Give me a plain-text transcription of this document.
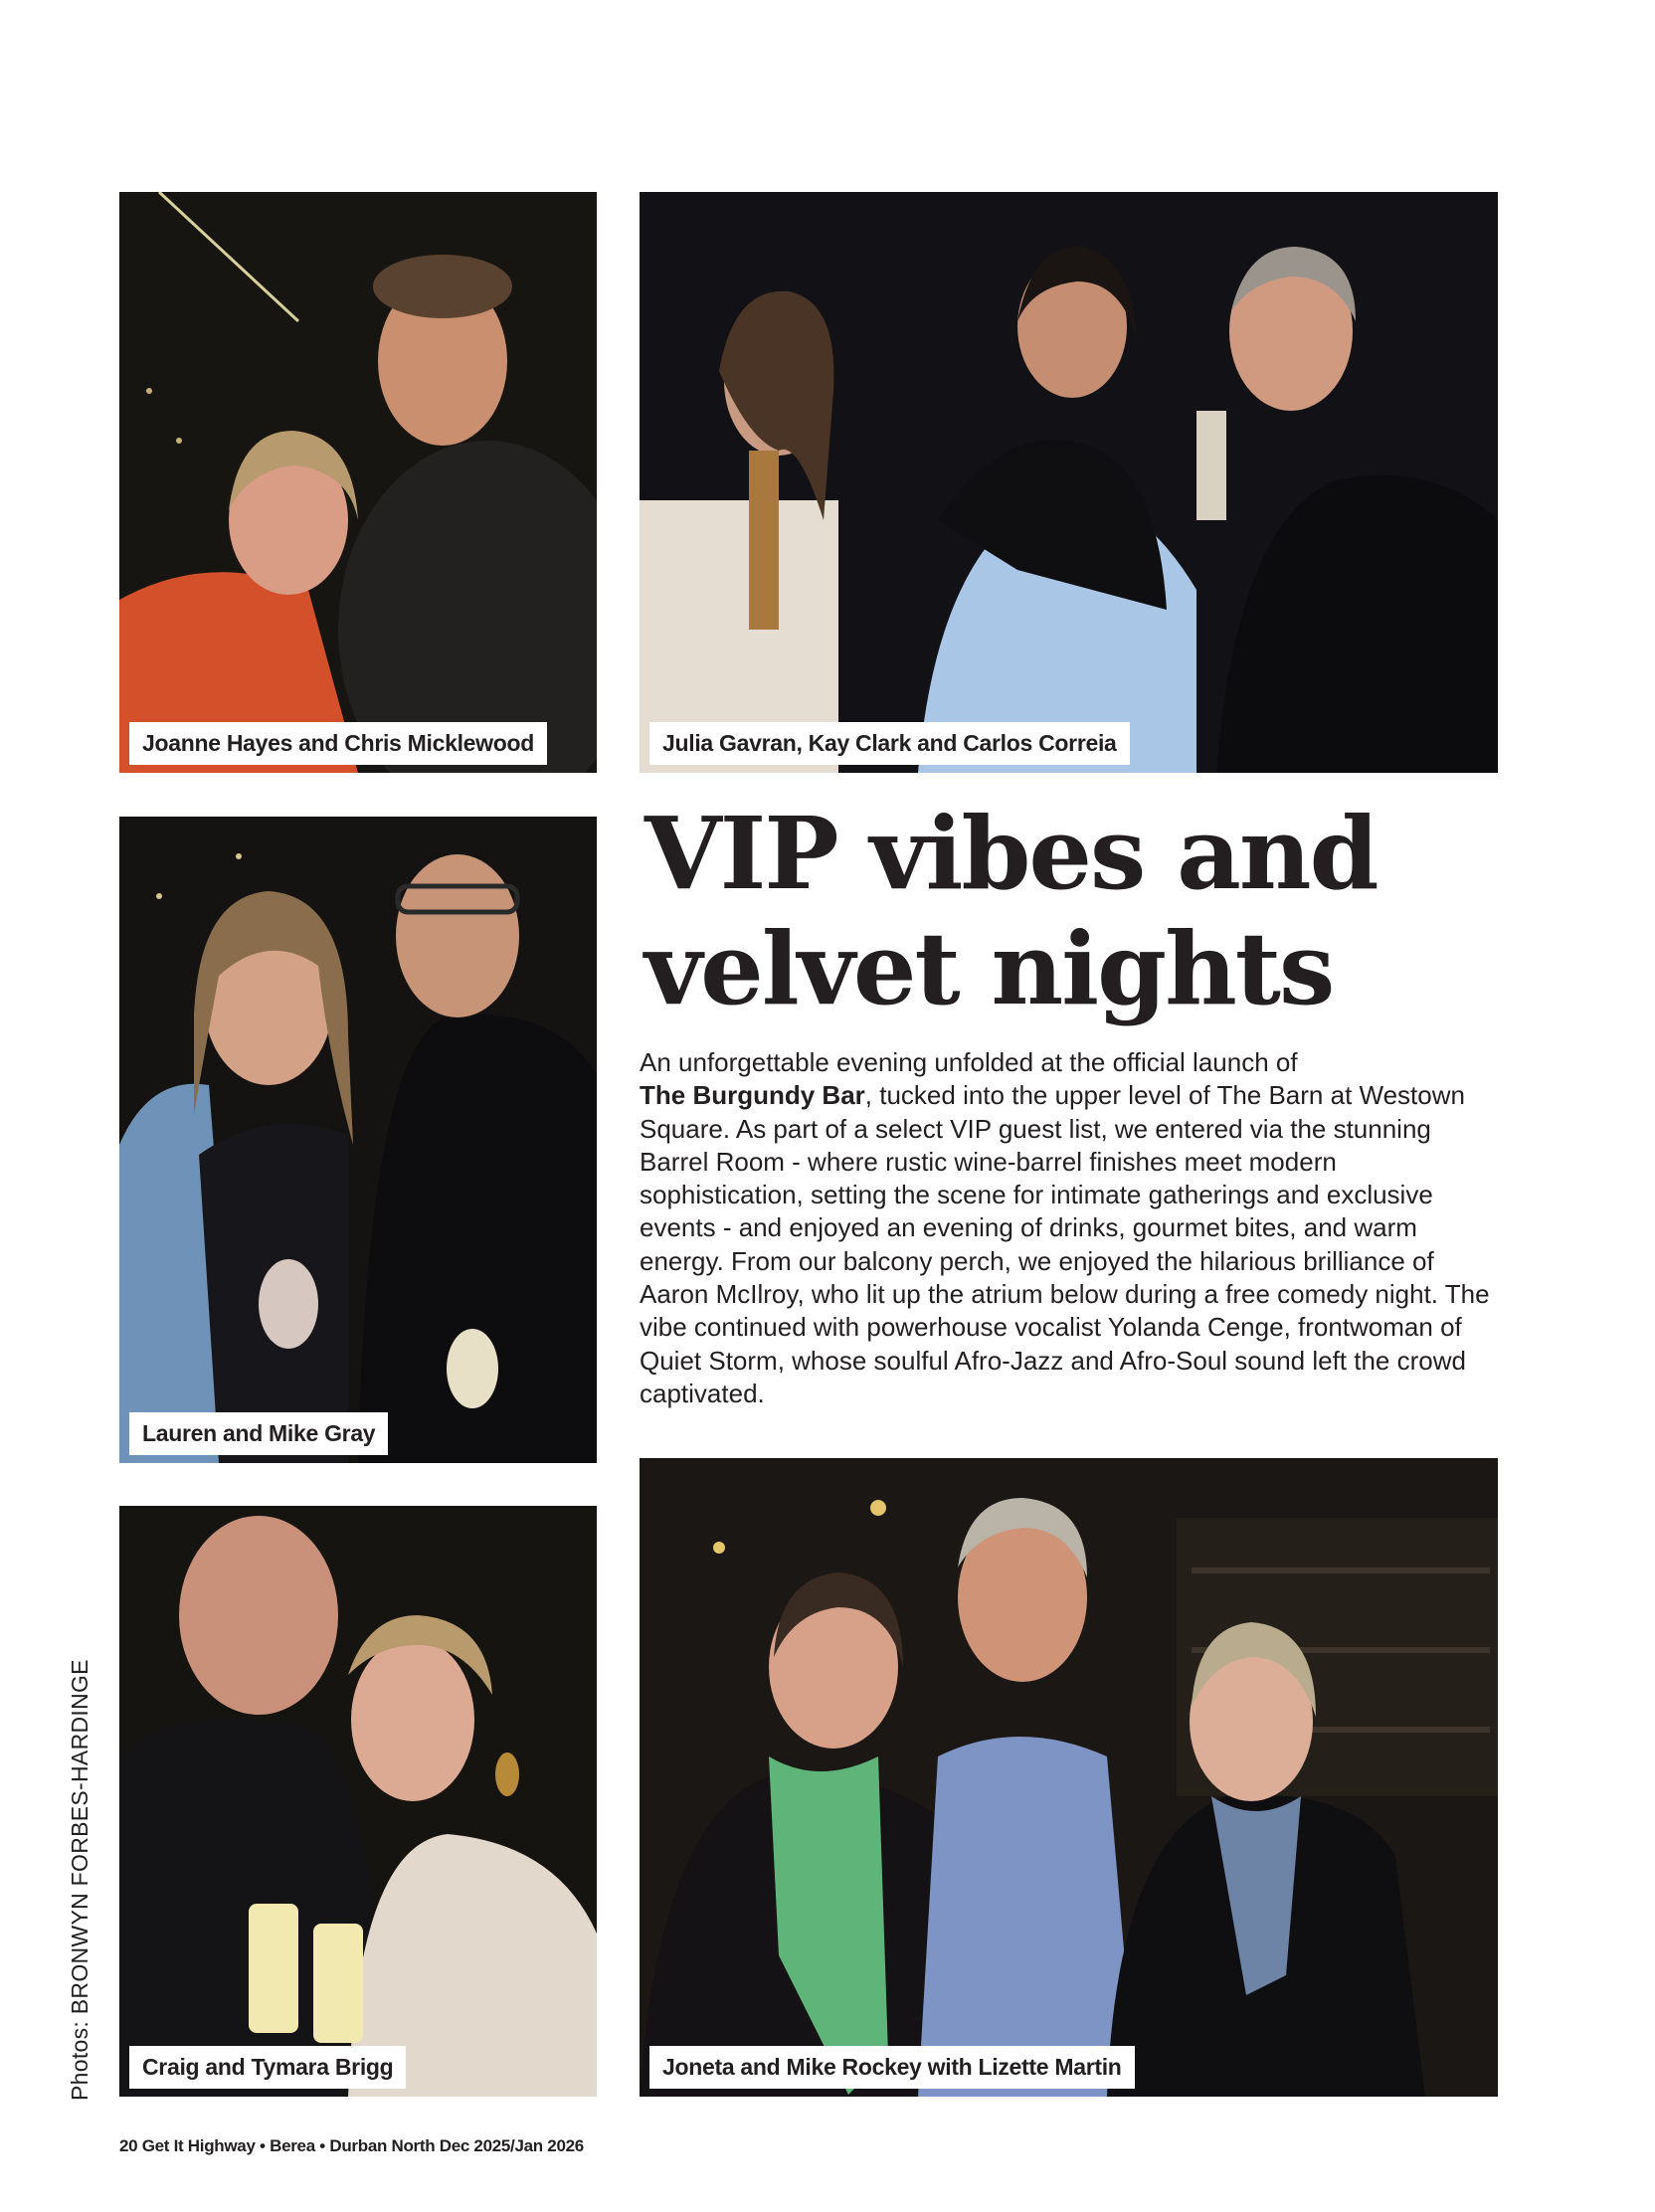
Joanne Hayes and Chris Micklewood	Julia Gavran, Kay Clark and Carlos Correia
Lauren and Mike Gray
Craig and Tymara Brigg	Joneta and Mike Rockey with Lizette Martin
VIP vibes and
velvet nights

An unforgettable evening unfolded at the official launch of
The Burgundy Bar, tucked into the upper level of The Barn at Westown Square. As part of a select VIP guest list, we entered via the stunning Barrel Room - where rustic wine-barrel finishes meet modern sophistication, setting the scene for intimate gatherings and exclusive events - and enjoyed an evening of drinks, gourmet bites, and warm energy. From our balcony perch, we enjoyed the hilarious brilliance of Aaron McIlroy, who lit up the atrium below during a free comedy night. The vibe continued with powerhouse vocalist Yolanda Cenge, frontwoman of Quiet Storm, whose soulful Afro-Jazz and Afro-Soul sound left the crowd captivated.

Photos: BRONWYN FORBES-HARDINGE
20 Get It Highway • Berea • Durban North Dec 2025/Jan 2026
